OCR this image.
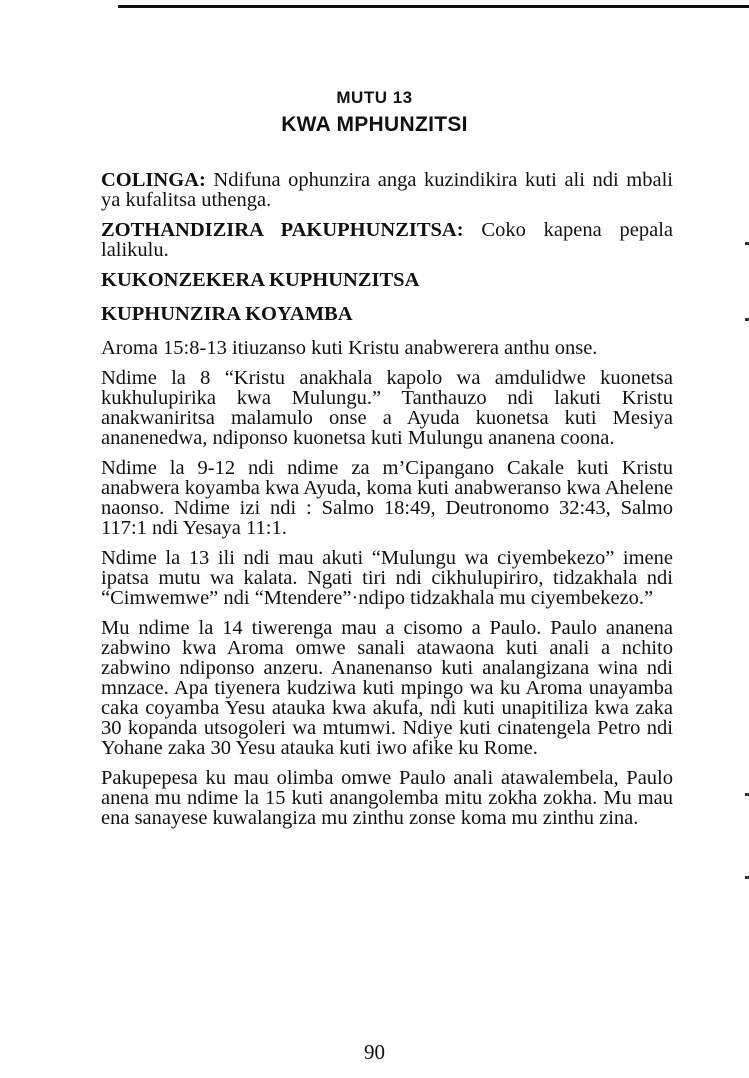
MUTU 13
KWA MPHUNZITSI

COLINGA: Ndifuna ophunzira anga kuzindikira kuti ali ndi mbali ya kufalitsa uthenga.

ZOTHANDIZIRA PAKUPHUNZITSA: Coko kapena pepala lalikulu.

KUKONZEKERA KUPHUNZITSA

KUPHUNZIRA KOYAMBA

Aroma 15:8-13 itiuzanso kuti Kristu anabwerera anthu onse.

Ndime la 8 “Kristu anakhala kapolo wa amdulidwe kuonetsa kukhulupirika kwa Mulungu.” Tanthauzo ndi lakuti Kristu anakwaniritsa malamulo onse a Ayuda kuonetsa kuti Mesiya ananenedwa, ndiponso kuonetsa kuti Mulungu ananena coona.

Ndime la 9-12 ndi ndime za m’Cipangano Cakale kuti Kristu anabwera koyamba kwa Ayuda, koma kuti anabweranso kwa Ahelene naonso. Ndime izi ndi : Salmo 18:49, Deutronomo 32:43, Salmo 117:1 ndi Yesaya 11:1.

Ndime la 13 ili ndi mau akuti “Mulungu wa ciyembekezo” imene ipatsa mutu wa kalata. Ngati tiri ndi cikhulupiriro, tidzakhala ndi “Cimwemwe” ndi “Mtendere”·ndipo tidzakhala mu ciyembekezo.”

Mu ndime la 14 tiwerenga mau a cisomo a Paulo. Paulo ananena zabwino kwa Aroma omwe sanali atawaona kuti anali a nchito zabwino ndiponso anzeru. Ananenanso kuti analangizana wina ndi mnzace. Apa tiyenera kudziwa kuti mpingo wa ku Aroma unayamba caka coyamba Yesu atauka kwa akufa, ndi kuti unapitiliza kwa zaka 30 kopanda utsogoleri wa mtumwi. Ndiye kuti cinatengela Petro ndi Yohane zaka 30 Yesu atauka kuti iwo afike ku Rome.

Pakupepesa ku mau olimba omwe Paulo anali atawalembela, Paulo anena mu ndime la 15 kuti anangolemba mitu zokha zokha. Mu mau ena sanayese kuwalangiza mu zinthu zonse koma mu zinthu zina.

90
